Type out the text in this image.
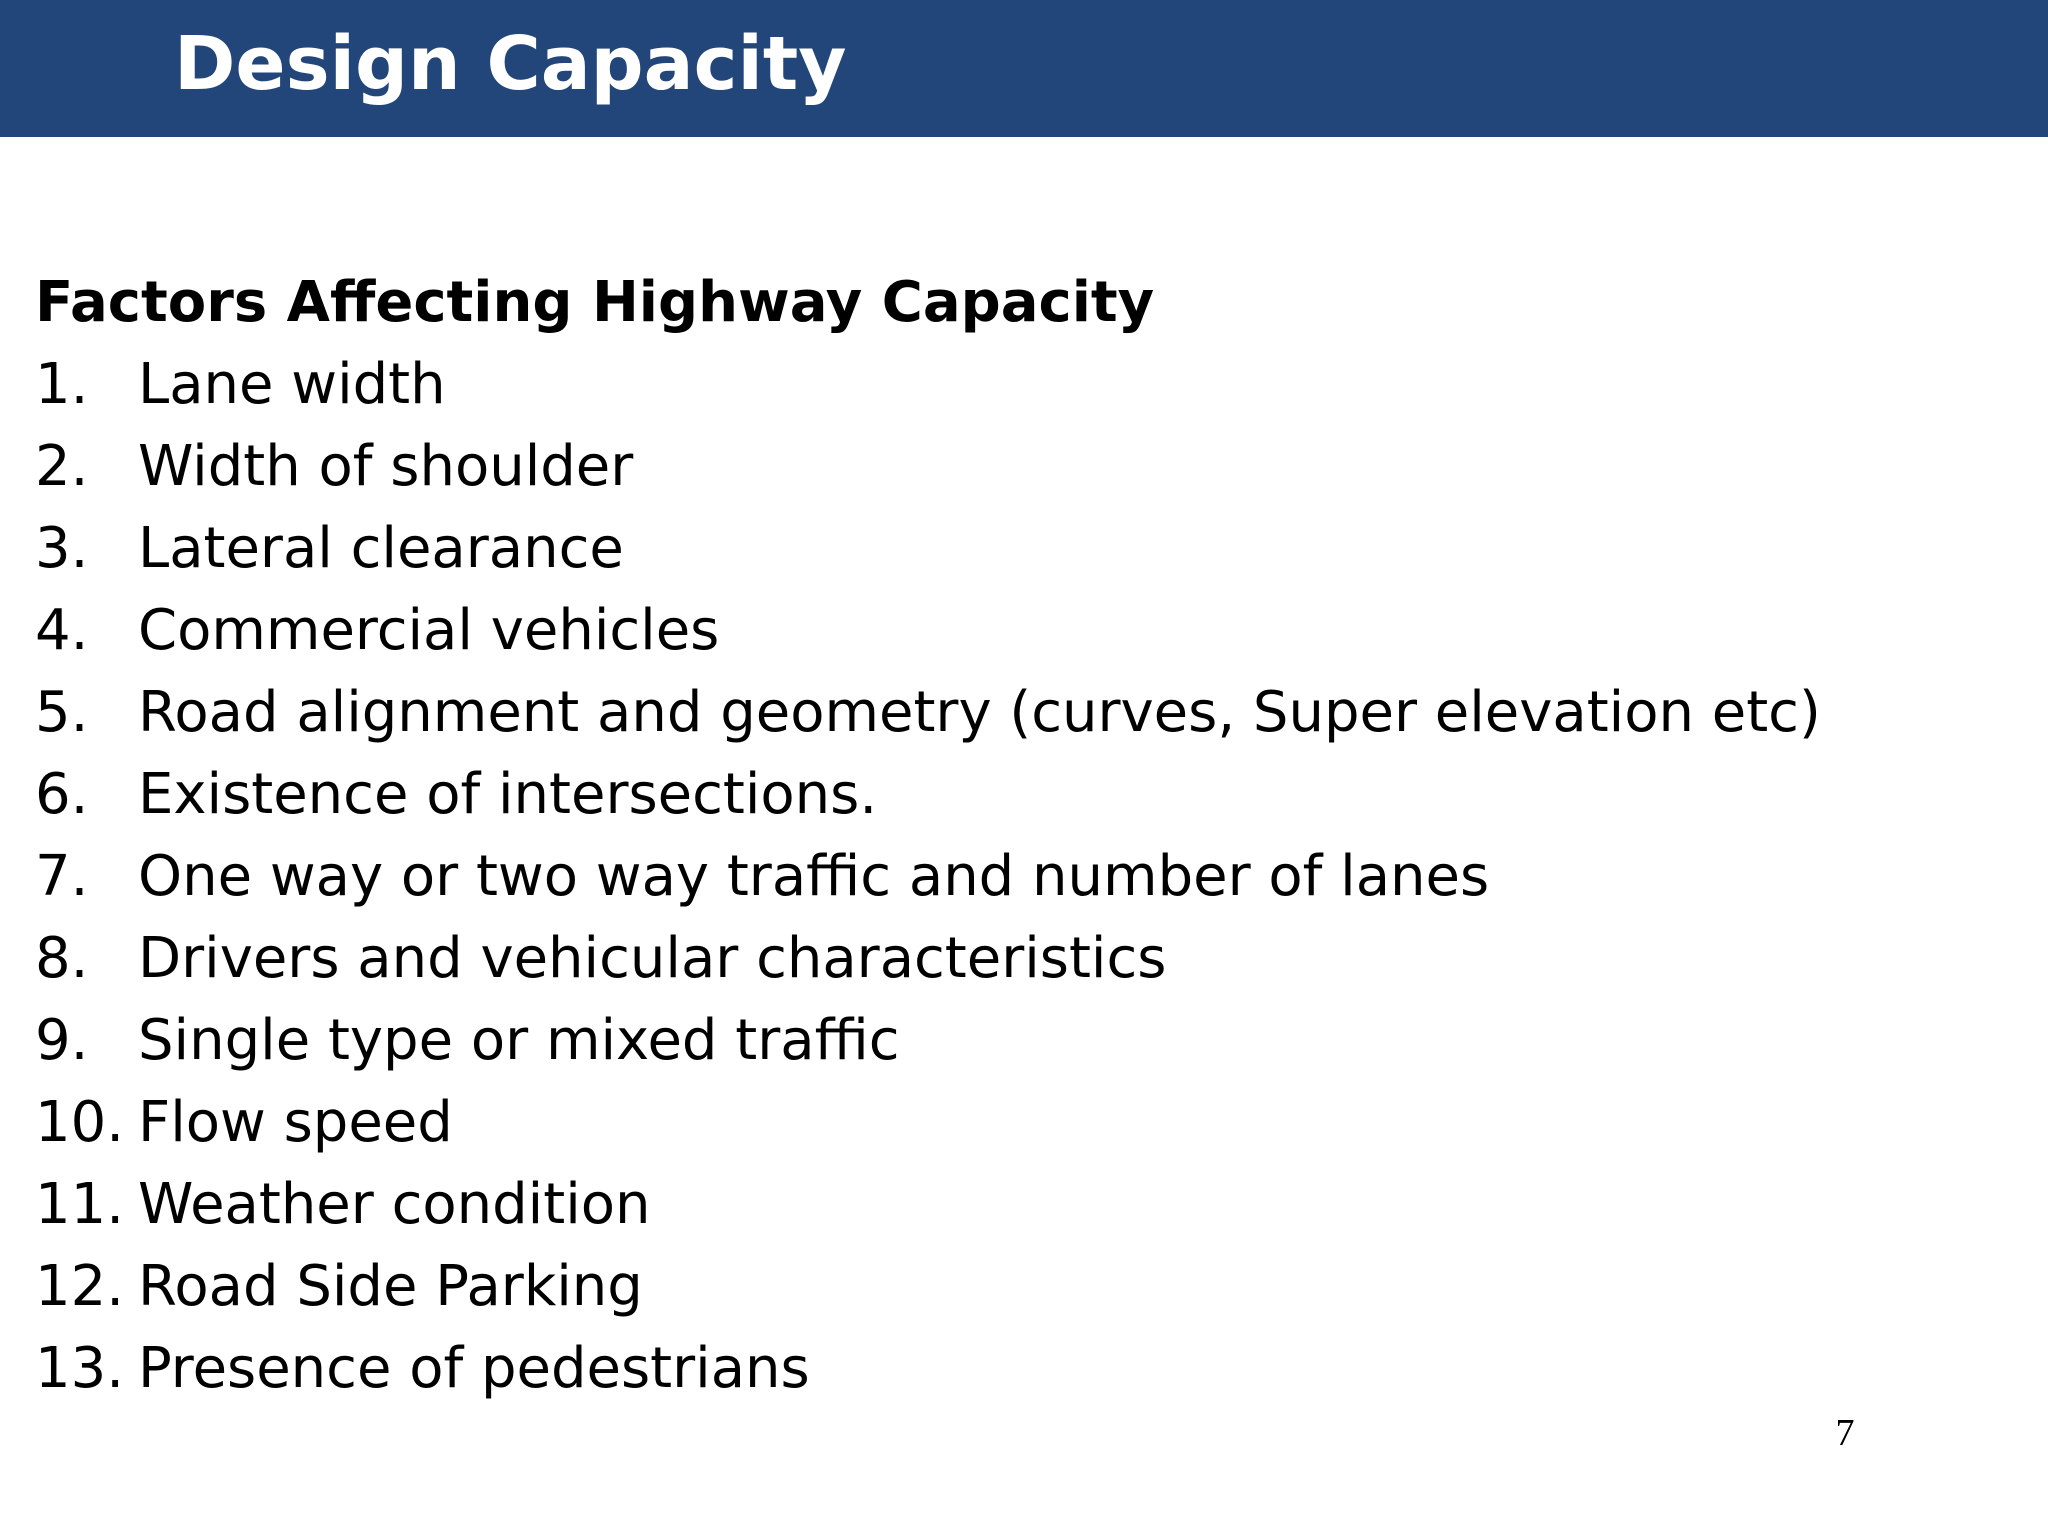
Design Capacity
Factors Affecting Highway Capacity
1. Lane width
2. Width of shoulder
3. Lateral clearance
4. Commercial vehicles
5. Road alignment and geometry (curves, Super elevation etc)
6. Existence of intersections.
7. One way or two way traffic and number of lanes
8. Drivers and vehicular characteristics
9. Single type or mixed traffic
10. Flow speed
11. Weather condition
12. Road Side Parking
13. Presence of pedestrians
7
